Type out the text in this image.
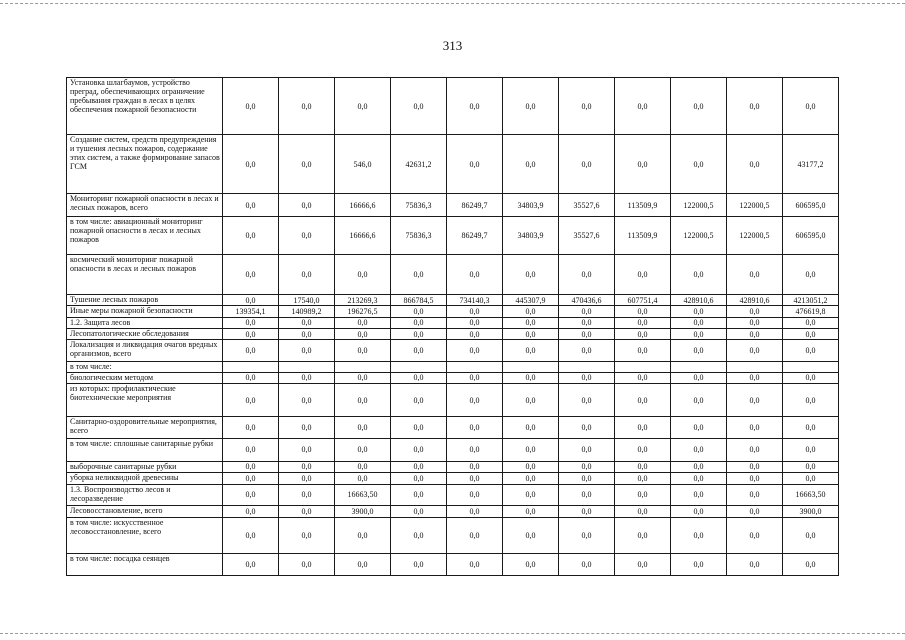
313
Установка шлагбаумов, устройство преград, обеспечивающих ограничение пребывания граждан в лесах в целях обеспечения пожарной безопасности	0,0	0,0	0,0	0,0	0,0	0,0	0,0	0,0	0,0	0,0	0,0
Создание систем, средств предупреждения и тушения лесных пожаров, содержание этих систем, а также формирование запасов ГСМ	0,0	0,0	546,0	42631,2	0,0	0,0	0,0	0,0	0,0	0,0	43177,2
Мониторинг пожарной опасности в лесах и лесных пожаров, всего	0,0	0,0	16666,6	75836,3	86249,7	34803,9	35527,6	113509,9	122000,5	122000,5	606595,0
в том числе: авиационный мониторинг пожарной опасности в лесах и лесных пожаров	0,0	0,0	16666,6	75836,3	86249,7	34803,9	35527,6	113509,9	122000,5	122000,5	606595,0
космический мониторинг пожарной опасности в лесах и лесных пожаров	0,0	0,0	0,0	0,0	0,0	0,0	0,0	0,0	0,0	0,0	0,0
Тушение лесных пожаров	0,0	17540,0	213269,3	866784,5	734140,3	445307,9	470436,6	607751,4	428910,6	428910,6	4213051,2
Иные меры пожарной безопасности	139354,1	140989,2	196276,5	0,0	0,0	0,0	0,0	0,0	0,0	0,0	476619,8
1.2. Защита лесов	0,0	0,0	0,0	0,0	0,0	0,0	0,0	0,0	0,0	0,0	0,0
Лесопатологические обследования	0,0	0,0	0,0	0,0	0,0	0,0	0,0	0,0	0,0	0,0	0,0
Локализация и ликвидация очагов вредных организмов, всего	0,0	0,0	0,0	0,0	0,0	0,0	0,0	0,0	0,0	0,0	0,0
в том числе:											
биологическим методом	0,0	0,0	0,0	0,0	0,0	0,0	0,0	0,0	0,0	0,0	0,0
из которых: профилактические биотехнические мероприятия	0,0	0,0	0,0	0,0	0,0	0,0	0,0	0,0	0,0	0,0	0,0
Санитарно-оздоровительные мероприятия, всего	0,0	0,0	0,0	0,0	0,0	0,0	0,0	0,0	0,0	0,0	0,0
в том числе: сплошные санитарные рубки	0,0	0,0	0,0	0,0	0,0	0,0	0,0	0,0	0,0	0,0	0,0
выборочные санитарные рубки	0,0	0,0	0,0	0,0	0,0	0,0	0,0	0,0	0,0	0,0	0,0
уборка неликвидной древесины	0,0	0,0	0,0	0,0	0,0	0,0	0,0	0,0	0,0	0,0	0,0
1.3. Воспроизводство лесов и лесоразведение	0,0	0,0	16663,50	0,0	0,0	0,0	0,0	0,0	0,0	0,0	16663,50
Лесовосстановление, всего	0,0	0,0	3900,0	0,0	0,0	0,0	0,0	0,0	0,0	0,0	3900,0
в том числе: искусственное лесовосстановление, всего	0,0	0,0	0,0	0,0	0,0	0,0	0,0	0,0	0,0	0,0	0,0
в том числе: посадка сеянцев	0,0	0,0	0,0	0,0	0,0	0,0	0,0	0,0	0,0	0,0	0,0
